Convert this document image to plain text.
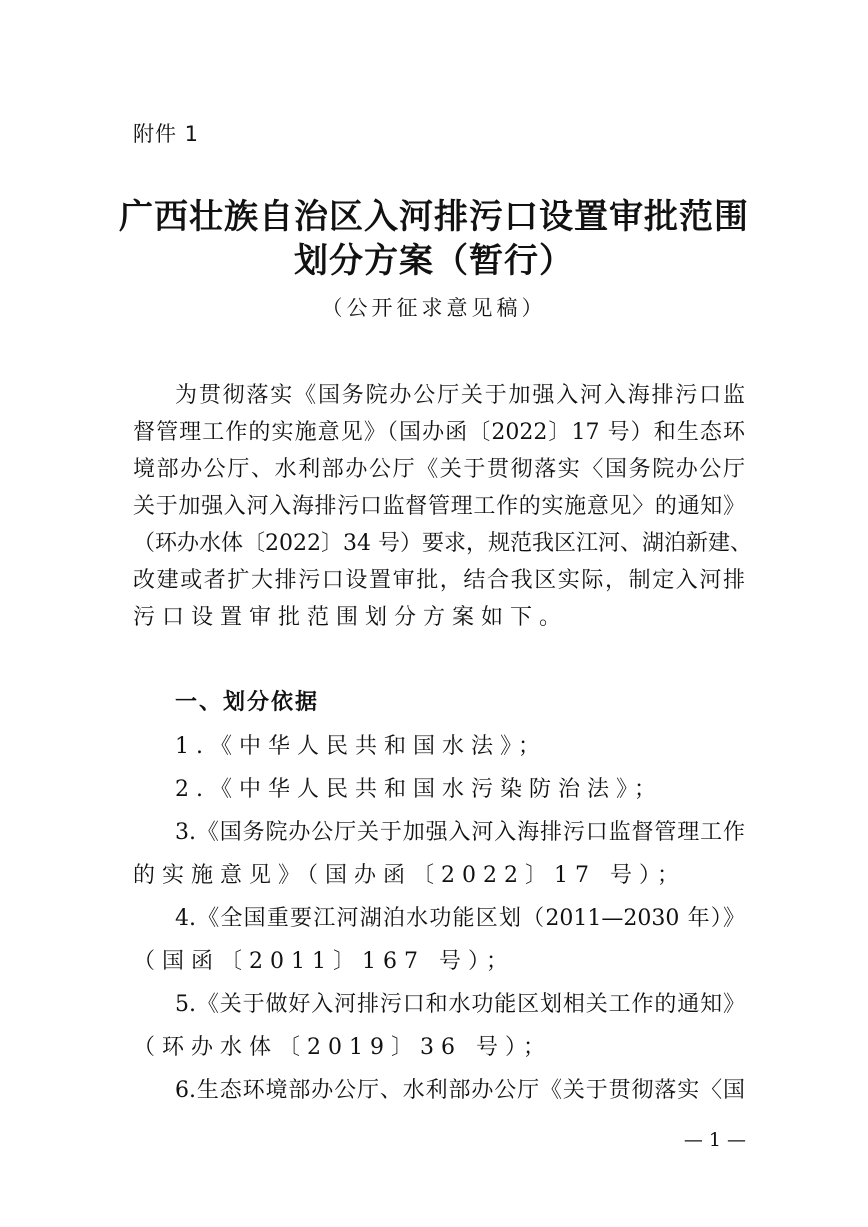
附件 1
广西壮族自治区入河排污口设置审批范围
划分方案（暂行）
（公开征求意见稿）
为贯彻落实《国务院办公厅关于加强入河入海排污口监
督管理工作的实施意见》（国办函〔2022〕17 号）和生态环
境部办公厅、水利部办公厅《关于贯彻落实〈国务院办公厅
关于加强入河入海排污口监督管理工作的实施意见〉的通知》
（环办水体〔2022〕34 号）要求，规范我区江河、湖泊新建、
改建或者扩大排污口设置审批，结合我区实际，制定入河排
污口设置审批范围划分方案如下。
一、划分依据
1.《中华人民共和国水法》；
2.《中华人民共和国水污染防治法》；
3.《国务院办公厅关于加强入河入海排污口监督管理工作
的实施意见》（国办函〔2022〕17 号）；
4.《全国重要江河湖泊水功能区划（2011—2030 年）》
（国函〔2011〕167 号）；
5.《关于做好入河排污口和水功能区划相关工作的通知》
（环办水体〔2019〕36 号）；
6.生态环境部办公厅、水利部办公厅《关于贯彻落实〈国
— 1 —
